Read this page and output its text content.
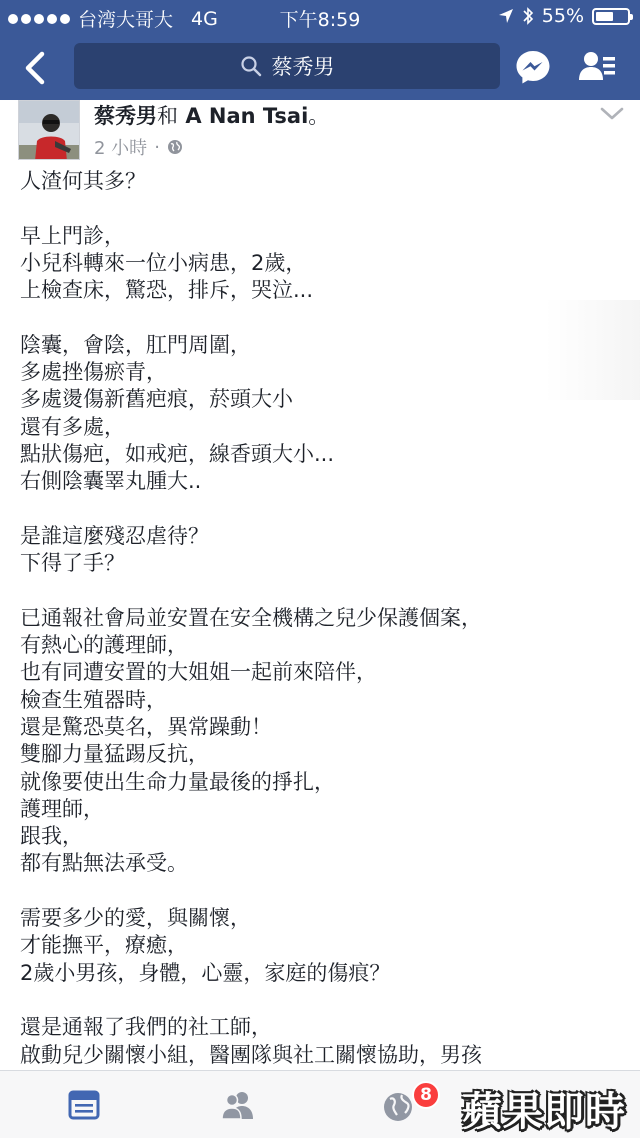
台湾大哥大 4G	下午8:59	55%
蔡秀男
蔡秀男和 A Nan Tsai。
2 小時 ·
人渣何其多？
早上門診，
小兒科轉來一位小病患，2歲，
上檢查床，驚恐，排斥，哭泣...
陰囊，會陰，肛門周圍，
多處挫傷瘀青，
多處燙傷新舊疤痕，菸頭大小
還有多處，
點狀傷疤，如戒疤，線香頭大小...
右側陰囊睪丸腫大..
是誰這麼殘忍虐待？
下得了手？
已通報社會局並安置在安全機構之兒少保護個案，
有熱心的護理師，
也有同遭安置的大姐姐一起前來陪伴，
檢查生殖器時，
還是驚恐莫名，異常躁動！
雙腳力量猛踢反抗，
就像要使出生命力量最後的掙扎，
護理師，
跟我，
都有點無法承受。
需要多少的愛，與關懷，
才能撫平，療癒，
2歲小男孩，身體，心靈，家庭的傷痕？
還是通報了我們的社工師，
啟動兒少關懷小組，醫團隊與社工關懷協助，男孩
8 蘋果即時
